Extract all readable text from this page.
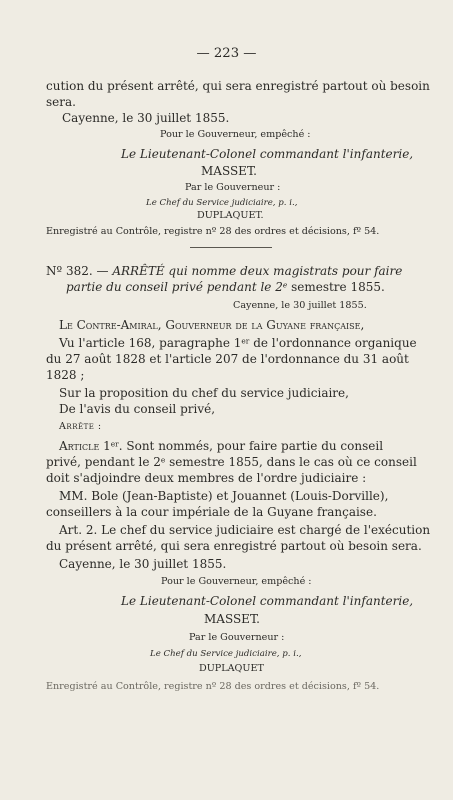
— 223 —
cution du présent arrêté, qui sera enregistré partout où besoin
sera.
Cayenne, le 30 juillet 1855.
Pour le Gouverneur, empêché :
Le Lieutenant-Colonel commandant l'infanterie,
MASSET.
Par le Gouverneur :
Le Chef du Service judiciaire, p. i.,
DUPLAQUET.
Enregistré au Contrôle, registre nº 28 des ordres et décisions, fº 54.
Nº 382. — ARRÊTÉ qui nomme deux magistrats pour faire
partie du conseil privé pendant le 2e semestre 1855.
Cayenne, le 30 juillet 1855.
Le Contre-Amiral, Gouverneur de la Guyane française,
Vu l'article 168, paragraphe 1er de l'ordonnance organique
du 27 août 1828 et l'article 207 de l'ordonnance du 31 août
1828 ;
Sur la proposition du chef du service judiciaire,
De l'avis du conseil privé,
Arrête :
Article 1er. Sont nommés, pour faire partie du conseil
privé, pendant le 2e semestre 1855, dans le cas où ce conseil
doit s'adjoindre deux membres de l'ordre judiciaire :
MM. Bole (Jean-Baptiste) et Jouannet (Louis-Dorville),
conseillers à la cour impériale de la Guyane française.
Art. 2. Le chef du service judiciaire est chargé de l'exécution
du présent arrêté, qui sera enregistré partout où besoin sera.
Cayenne, le 30 juillet 1855.
Pour le Gouverneur, empêché :
Le Lieutenant-Colonel commandant l'infanterie,
MASSET.
Par le Gouverneur :
Le Chef du Service judiciaire, p. i.,
DUPLAQUET
Enregistré au Contrôle, registre nº 28 des ordres et décisions, fº 54.
